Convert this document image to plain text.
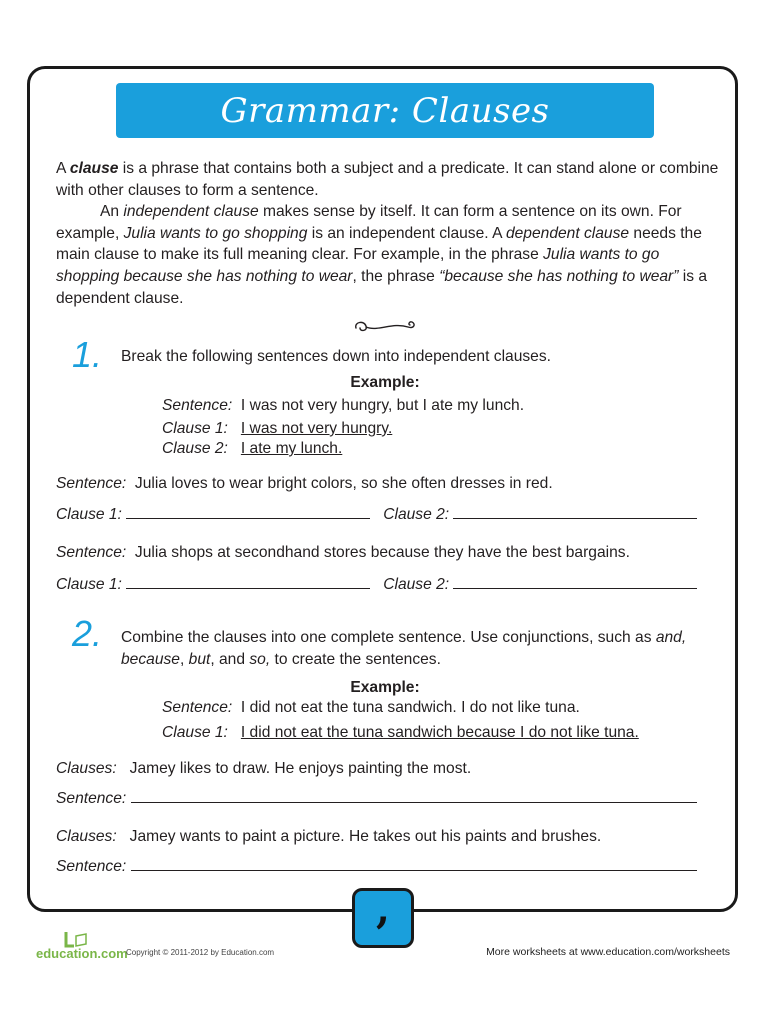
Grammar: Clauses

A clause is a phrase that contains both a subject and a predicate. It can stand alone or combine with other clauses to form a sentence.

An independent clause makes sense by itself. It can form a sentence on its own. For example, Julia wants to go shopping is an independent clause. A dependent clause needs the main clause to make its full meaning clear. For example, in the phrase Julia wants to go shopping because she has nothing to wear, the phrase “because she has nothing to wear” is a dependent clause.

1. Break the following sentences down into independent clauses.
Example:
Sentence: I was not very hungry, but I ate my lunch.
Clause 1: I was not very hungry.
Clause 2: I ate my lunch.
Sentence: Julia loves to wear bright colors, so she often dresses in red.
Clause 1:	Clause 2:
Sentence: Julia shops at secondhand stores because they have the best bargains.
Clause 1:	Clause 2:
2. Combine the clauses into one complete sentence. Use conjunctions, such as and, because, but, and so, to create the sentences.
Example:
Sentence: I did not eat the tuna sandwich. I do not like tuna.
Clause 1: I did not eat the tuna sandwich because I do not like tuna.
Clauses: Jamey likes to draw. He enjoys painting the most.
Sentence:
Clauses: Jamey wants to paint a picture. He takes out his paints and brushes.
Sentence:
,
education.com
Copyright © 2011-2012 by Education.com	More worksheets at www.education.com/worksheets
